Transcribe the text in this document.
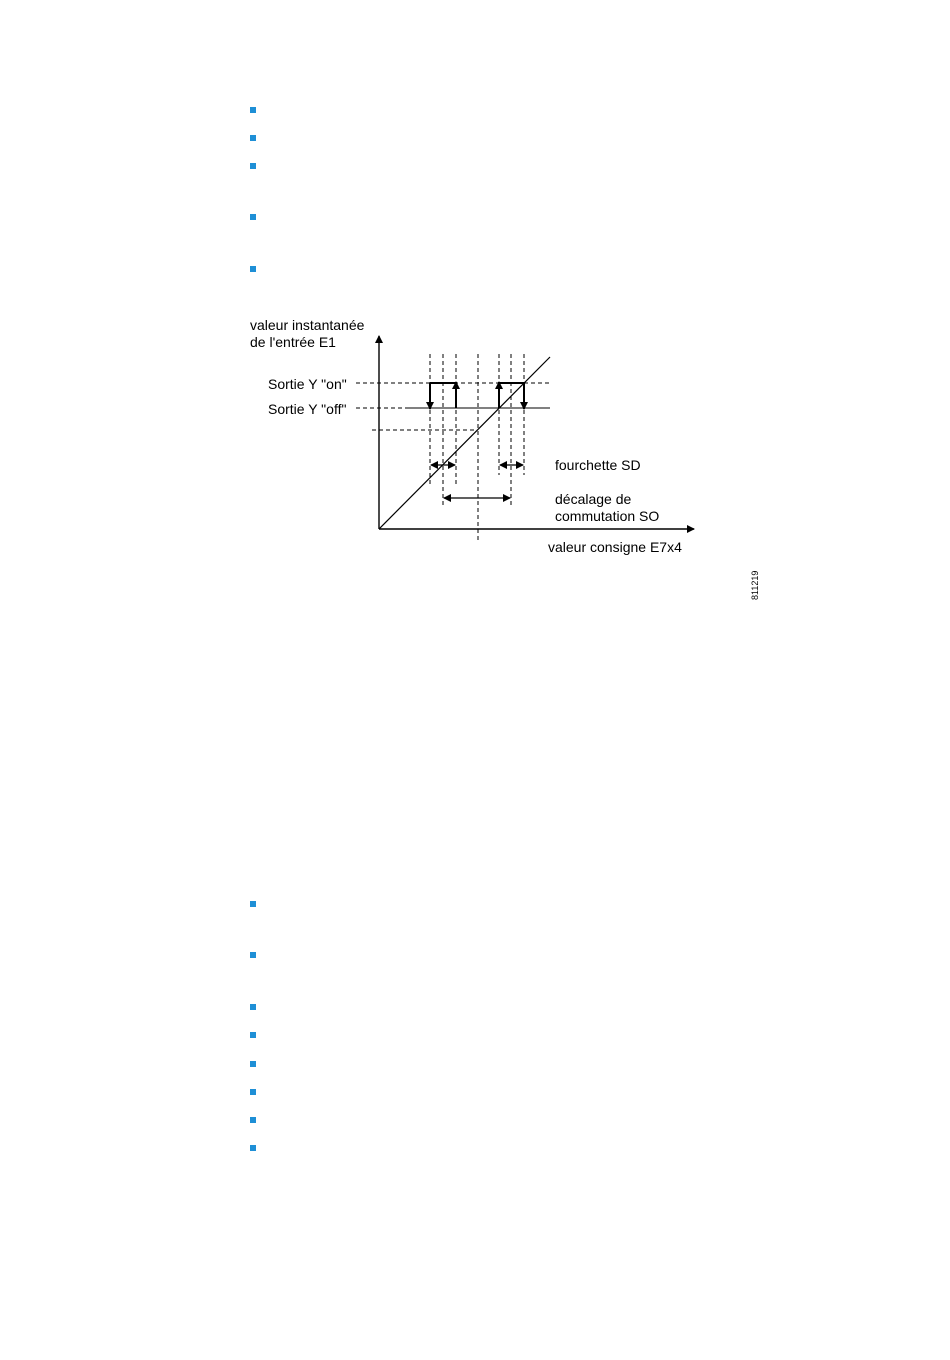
valeur instantanée
de l'entrée E1
Sortie Y "on"
Sortie Y "off"
fourchette SD
décalage de
commutation SO
valeur consigne E7x4
811219
